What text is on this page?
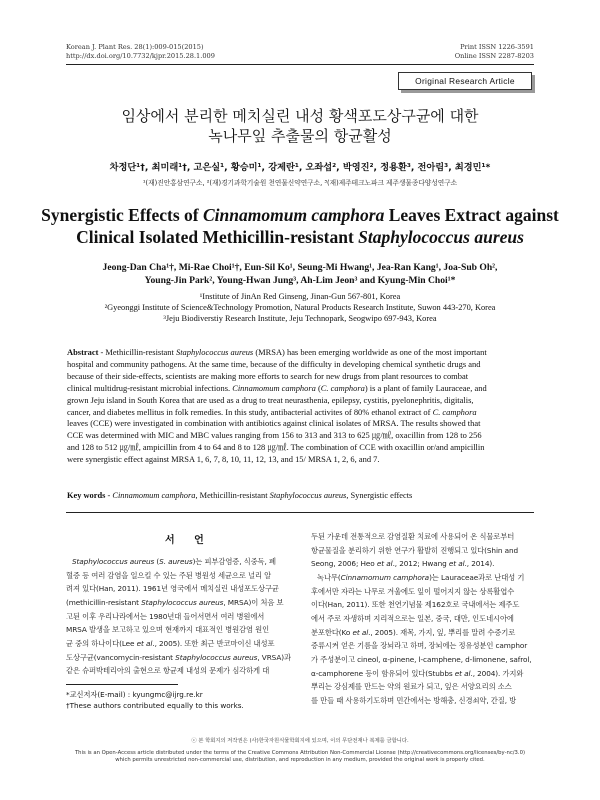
Korean J. Plant Res. 28(1):009-015(2015)
http://dx.doi.org/10.7732/kjpr.2015.28.1.009
Print ISSN 1226-3591
Online ISSN 2287-8203
Original Research Article
임상에서 분리한 메치실린 내성 황색포도상구균에 대한
녹나무잎 추출물의 항균활성
차정단¹†, 최미래¹†, 고은실¹, 황승미¹, 강제란¹, 오좌섭², 박영진², 정용환³, 전아림³, 최경민¹*
¹(재)진안홍삼연구소, ²(재)경기과학기술원 천연물신약연구소, ³(재)제주테크노파크 제주생물종다양성연구소
Synergistic Effects of Cinnamomum camphora Leaves Extract against
Clinical Isolated Methicillin-resistant Staphylococcus aureus
Jeong-Dan Cha¹†, Mi-Rae Choi¹†, Eun-Sil Ko¹, Seung-Mi Hwang¹, Jea-Ran Kang¹, Joa-Sub Oh²,
Young-Jin Park², Young-Hwan Jung³, Ah-Lim Jeon³ and Kyung-Min Choi¹*
¹Institute of JinAn Red Ginseng, Jinan-Gun 567-801, Korea
²Gyeonggi Institute of Science&Technology Promotion, Natural Products Research Institute, Suwon 443-270, Korea
³Jeju Biodiverstiy Research Institute, Jeju Technopark, Seogwipo 697-943, Korea
Abstract - Methicillin-resistant Staphylococcus aureus (MRSA) has been emerging worldwide as one of the most important
hospital and community pathogens. At the same time, because of the difficulty in developing chemical synthetic drugs and
because of their side-effects, scientists are making more efforts to search for new drugs from plant resources to combat
clinical multidrug-resistant microbial infections. Cinnamomum camphora (C. camphora) is a plant of family Lauraceae, and
grown Jeju island in South Korea that are used as a drug to treat neurasthenia, epilepsy, cystitis, pyelonephritis, digitalis,
cancer, and diabetes mellitus in folk remedies. In this study, antibacterial activites of 80% ethanol extract of C. camphora
leaves (CCE) were investigated in combination with antibiotics against clinical isolates of MRSA. The results showed that
CCE was determined with MIC and MBC values ranging from 156 to 313 and 313 to 625 ㎍/㎖, oxacillin from 128 to 256
and 128 to 512 ㎍/㎖, ampicillin from 4 to 64 and 8 to 128 ㎍/㎖. The combination of CCE with oxacillin or/and ampicillin
were synergistic effect against MRSA 1, 6, 7, 8, 10, 11, 12, 13, and 15/ MRSA 1, 2, 6, and 7.
Key words - Cinnamomum camphora, Methicillin-resistant Staphylococcus aureus, Synergistic effects
서 언
Staphylococcus aureus (S. aureus)는 피부감염증, 식중독, 폐
혈증 등 여러 감염을 일으킬 수 있는 주된 병원성 세균으로 널리 알
려져 있다(Han, 2011). 1961년 영국에서 메치실린 내성포도상구균
(methicillin-resistant Staphylococcus aureus, MRSA)이 처음 보
고된 이후 우리나라에서는 1980년대 들어서면서 여러 병원에서
MRSA 발생을 보고하고 있으며 현재까지 대표적인 병원감염 원인
균 중의 하나이다(Lee et al., 2005). 또한 최근 반코마이신 내성포
도상구균(vancomycin-resistant Staphylococcus aureus, VRSA)과
같은 슈퍼박테리아의 출현으로 항균제 내성의 문제가 심각하게 대
*교신저자(E-mail) : kyungmc@ijrg.re.kr
†These authors contributed equally to this works.
두된 가운데 전통적으로 감염질환 치료에 사용되어 온 식물로부터
항균물질을 분리하기 위한 연구가 활발히 진행되고 있다(Shin and
Seong, 2006; Heo et al., 2012; Hwang et al., 2014).
녹나무(Cinnamomum camphora)는 Lauraceae과로 난대성 기
후에서만 자라는 나무로 겨울에도 잎이 떨어지지 않는 상록활엽수
이다(Han, 2011). 또한 천연기념물 제162호로 국내에서는 제주도
에서 주로 자생하며 지리적으로는 일본, 중국, 대만, 인도네시아에
분포한다(Ko et al., 2005). 재목, 가지, 잎, 뿌리를 말려 수증기로
증류시켜 얻은 기름을 장뇌라고 하며, 장뇌에는 정유성분인 camphor
가 주성분이고 cineol, α-pinene, l-camphene, d-limonene, safrol,
α-camphorene 등이 함유되어 있다(Stubbs et al., 2004). 가지와
뿌리는 강심제를 만드는 약의 원료가 되고, 잎은 서양요리의 소스
를 만들 때 사용하기도하며 민간에서는 방해충, 신경쇠약, 간질, 방
ⓒ 본 학회지의 저작권은 (사)한국자원식물학회지에 있으며, 이의 무단전재나 복제를 금합니다.
This is an Open-Access article distributed under the terms of the Creative Commons Attribution Non-Commercial License (http://creativecommons.org/licenses/by-nc/3.0)
which permits unrestricted non-commercial use, distribution, and reproduction in any medium, provided the original work is properly cited.
